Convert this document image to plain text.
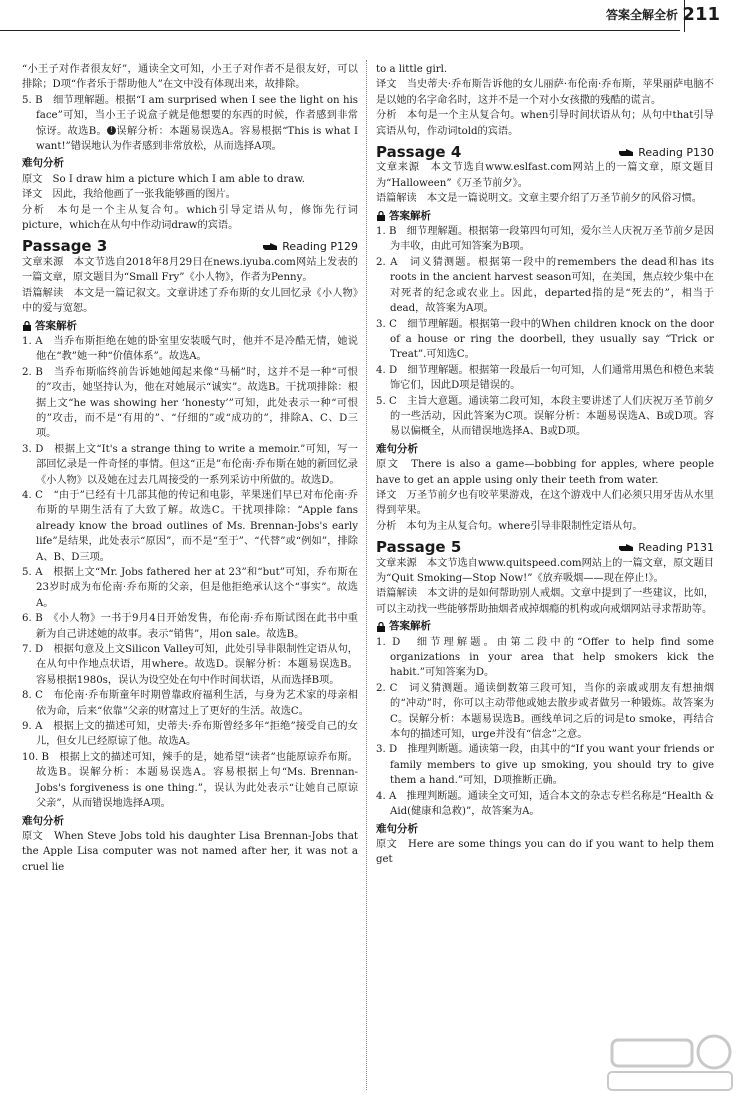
答案全解全析 211

“小王子对作者很友好”，通读全文可知，小王子对作者不是很友好，可以排除；D项“作者乐于帮助他人”在文中没有体现出来，故排除。

5. B　细节理解题。根据“I am surprised when I see the light on his face”可知，当小王子说盒子就是他想要的东西的时候，作者感到非常惊讶。故选B。 ! 误解分析：本题易误选A。容易根据“This is what I want!”错误地认为作者感到非常放松，从而选择A项。

难句分析

原文　So I draw him a picture which I am able to draw.

译文　因此，我给他画了一张我能够画的图片。

分析　本句是一个主从复合句。which引导定语从句，修饰先行词picture，which在从句中作动词draw的宾语。

Passage 3	Reading P129

文章来源　本文节选自2018年8月29日在news.iyuba.com网站上发表的一篇文章，原文题目为“Small Fry”《小人物》，作者为Penny。

语篇解读　本文是一篇记叙文。文章讲述了乔布斯的女儿回忆录《小人物》中的爱与宽恕。

答案解析

1. A　当乔布斯拒绝在她的卧室里安装暖气时，他并不是冷酷无情，她说他在“教”她一种“价值体系”。故选A。

2. B　当乔布斯临终前告诉她她闻起来像“马桶”时，这并不是一种“可恨的”攻击，她坚持认为，他在对她展示“诚实”。故选B。干扰项排除：根据上文“he was showing her ‘honesty’”可知，此处表示一种“可恨的”攻击，而不是“有用的”、“仔细的”或“成功的”，排除A、C、D三项。

3. D　根据上文“It's a strange thing to write a memoir.”可知，写一部回忆录是一件奇怪的事情。但这“正是”布伦南·乔布斯在她的新回忆录《小人物》以及她在过去几周接受的一系列采访中所做的。故选D。

4. C　“由于”已经有十几部其他的传记和电影，苹果迷们早已对布伦南·乔布斯的早期生活有了大致了解。故选C。干扰项排除：“Apple fans already know the broad outlines of Ms. Brennan-Jobs's early life”是结果，此处表示“原因”，而不是“至于”、“代替”或“例如”，排除A、B、D三项。

5. A　根据上文“Mr. Jobs fathered her at 23”和“but”可知，乔布斯在23岁时成为布伦南·乔布斯的父亲，但是他拒绝承认这个“事实”。故选A。

6. B　《小人物》一书于9月4日开始发售，布伦南·乔布斯试图在此书中重新为自己讲述她的故事。表示“销售”，用on sale。故选B。

7. D　根据句意及上文Silicon Valley可知，此处引导非限制性定语从句，在从句中作地点状语，用where。故选D。误解分析：本题易误选B。容易根据1980s，误认为设空处在句中作时间状语，从而选择B项。

8. C　布伦南·乔布斯童年时期曾靠政府福利生活，与身为艺术家的母亲相依为命，后来“依靠”父亲的财富过上了更好的生活。故选C。

9. A　根据上文的描述可知，史蒂夫·乔布斯曾经多年“拒绝”接受自己的女儿，但女儿已经原谅了他。故选A。

10. B　根据上文的描述可知，辣手的是，她希望“读者”也能原谅乔布斯。故选B。误解分析：本题易误选A。容易根据上句“Ms. Brennan-Jobs's forgiveness is one thing.”，误认为此处表示“让她自己原谅父亲”，从而错误地选择A项。

难句分析

原文　When Steve Jobs told his daughter Lisa Brennan-Jobs that the Apple Lisa computer was not named after her, it was not a cruel lie

to a little girl.

译文　当史蒂夫·乔布斯告诉他的女儿丽萨·布伦南·乔布斯，苹果丽萨电脑不是以她的名字命名时，这并不是一个对小女孩撒的残酷的谎言。

分析　本句是一个主从复合句。when引导时间状语从句；从句中that引导宾语从句，作动词told的宾语。

Passage 4	Reading P130

文章来源　本文节选自www.eslfast.com网站上的一篇文章，原文题目为“Halloween”《万圣节前夕》。

语篇解读　本文是一篇说明文。文章主要介绍了万圣节前夕的风俗习惯。

答案解析

1. B　细节理解题。根据第一段第四句可知，爱尔兰人庆祝万圣节前夕是因为丰收，由此可知答案为B项。

2. A　词义猜测题。根据第一段中的remembers the dead和has its roots in the ancient harvest season可知，在美国，焦点较少集中在对死者的纪念或农业上。因此，departed指的是“死去的”，相当于dead，故答案为A项。

3. C　细节理解题。根据第一段中的When children knock on the door of a house or ring the doorbell, they usually say “Trick or Treat”.可知选C。

4. D　细节理解题。根据第一段最后一句可知，人们通常用黑色和橙色来装饰它们，因此D项是错误的。

5. C　主旨大意题。通读第二段可知，本段主要讲述了人们庆祝万圣节前夕的一些活动，因此答案为C项。误解分析：本题易误选A、B或D项。容易以偏概全，从而错误地选择A、B或D项。

难句分析

原文　There is also a game—bobbing for apples, where people have to get an apple using only their teeth from water.

译文　万圣节前夕也有咬苹果游戏，在这个游戏中人们必须只用牙齿从水里得到苹果。

分析　本句为主从复合句。where引导非限制性定语从句。

Passage 5	Reading P131

文章来源　本文节选自www.quitspeed.com网站上的一篇文章，原文题目为“Quit Smoking—Stop Now!”《放弃吸烟——现在停止!》。

语篇解读　本文讲的是如何帮助别人戒烟。文章中提到了一些建议，比如，可以主动找一些能够帮助抽烟者戒掉烟瘾的机构或向戒烟网站寻求帮助等。

答案解析

1. D　细节理解题。由第二段中的“Offer to help find some organizations in your area that help smokers kick the habit.”可知答案为D。

2. C　词义猜测题。通读倒数第三段可知，当你的亲戚或朋友有想抽烟的“冲动”时，你可以主动带他或她去散步或者做另一种锻炼。故答案为C。误解分析：本题易误选B。画线单词之后的词是to smoke，再结合本句的描述可知，urge并没有“信念”之意。

3. D　推理判断题。通读第一段，由其中的“If you want your friends or family members to give up smoking, you should try to give them a hand.”可知，D项推断正确。

4. A　推理判断题。通读全文可知，适合本文的杂志专栏名称是“Health & Aid(健康和急救)”，故答案为A。

难句分析

原文　Here are some things you can do if you want to help them get
